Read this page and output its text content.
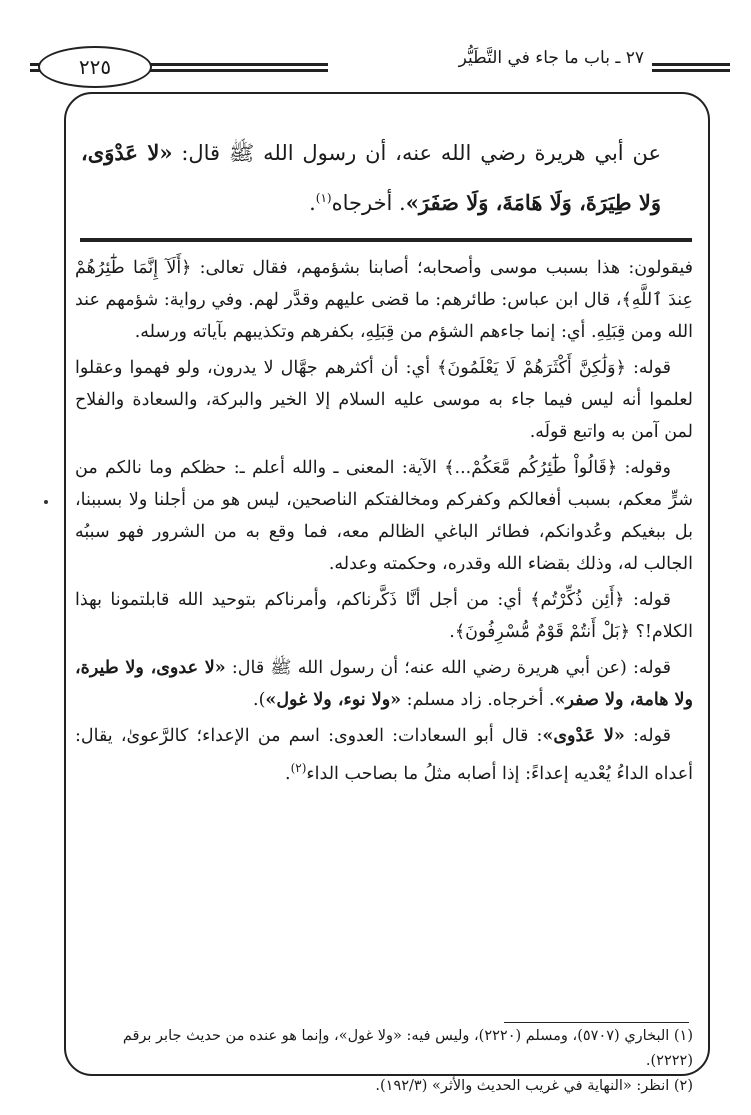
٢٧ ـ باب ما جاء في التَّطَيُّر
٢٢٥
عن أبي هريرة رضي الله عنه، أن رسول الله ﷺ قال: «لا عَدْوَى، وَلا طِيَرَةَ، وَلَا هَامَةَ، وَلَا صَفَرَ». أخرجاه$^{(١)}$.

فيقولون: هذا بسبب موسى وأصحابه؛ أصابنا بشؤمهم، فقال تعالى: ﴿أَلَآ إِنَّمَا طَٰٓئِرُهُمْ عِندَ ٱللَّهِ﴾، قال ابن عباس: طائرهم: ما قضى عليهم وقدَّر لهم. وفي رواية: شؤمهم عند الله ومن قِبَلِهِ. أي: إنما جاءهم الشؤم من قِبَلِهِ، بكفرهم وتكذيبهم بآياته ورسله.

قوله: ﴿وَلَٰكِنَّ أَكْثَرَهُمْ لَا يَعْلَمُونَ﴾ أي: أن أكثرهم جهَّال لا يدرون، ولو فهموا وعقلوا لعلموا أنه ليس فيما جاء به موسى عليه السلام إلا الخير والبركة، والسعادة والفلاح لمن آمن به واتبع قولَه.

وقوله: ﴿قَالُواْ طَٰٓئِرُكُم مَّعَكُمْ...﴾ الآية: المعنى ـ والله أعلم ـ: حظكم وما نالكم من شرٍّ معكم، بسبب أفعالكم وكفركم ومخالفتكم الناصحين، ليس هو من أجلنا ولا بسببنا، بل ببغيكم وعُدوانكم، فطائر الباغي الظالم معه، فما وقع به من الشرور فهو سببُه الجالب له، وذلك بقضاء الله وقدره، وحكمته وعدله.

قوله: ﴿أَئِن ذُكِّرْتُم﴾ أي: من أجل أنَّا ذَكَّرناكم، وأمرناكم بتوحيد الله قابلتمونا بهذا الكلام!؟ ﴿بَلْ أَنتُمْ قَوْمٌ مُّسْرِفُونَ﴾.

قوله: (عن أبي هريرة رضي الله عنه؛ أن رسول الله ﷺ قال: «لا عدوى، ولا طيرة، ولا هامة، ولا صفر». أخرجاه. زاد مسلم: «ولا نوء، ولا غول»).

قوله: «لا عَدْوى»: قال أبو السعادات: العدوى: اسم من الإعداء؛ كالرَّعوىٰ، يقال: أعداه الداءُ يُعْديه إعداءً: إذا أصابه مثلُ ما بصاحب الداء$^{(٢)}$.

(١) البخاري (٥٧٠٧)، ومسلم (٢٢٢٠)، وليس فيه: «ولا غول»، وإنما هو عنده من حديث جابر برقم (٢٢٢٢).
(٢) انظر: «النهاية في غريب الحديث والأثر» (١٩٢/٣).
